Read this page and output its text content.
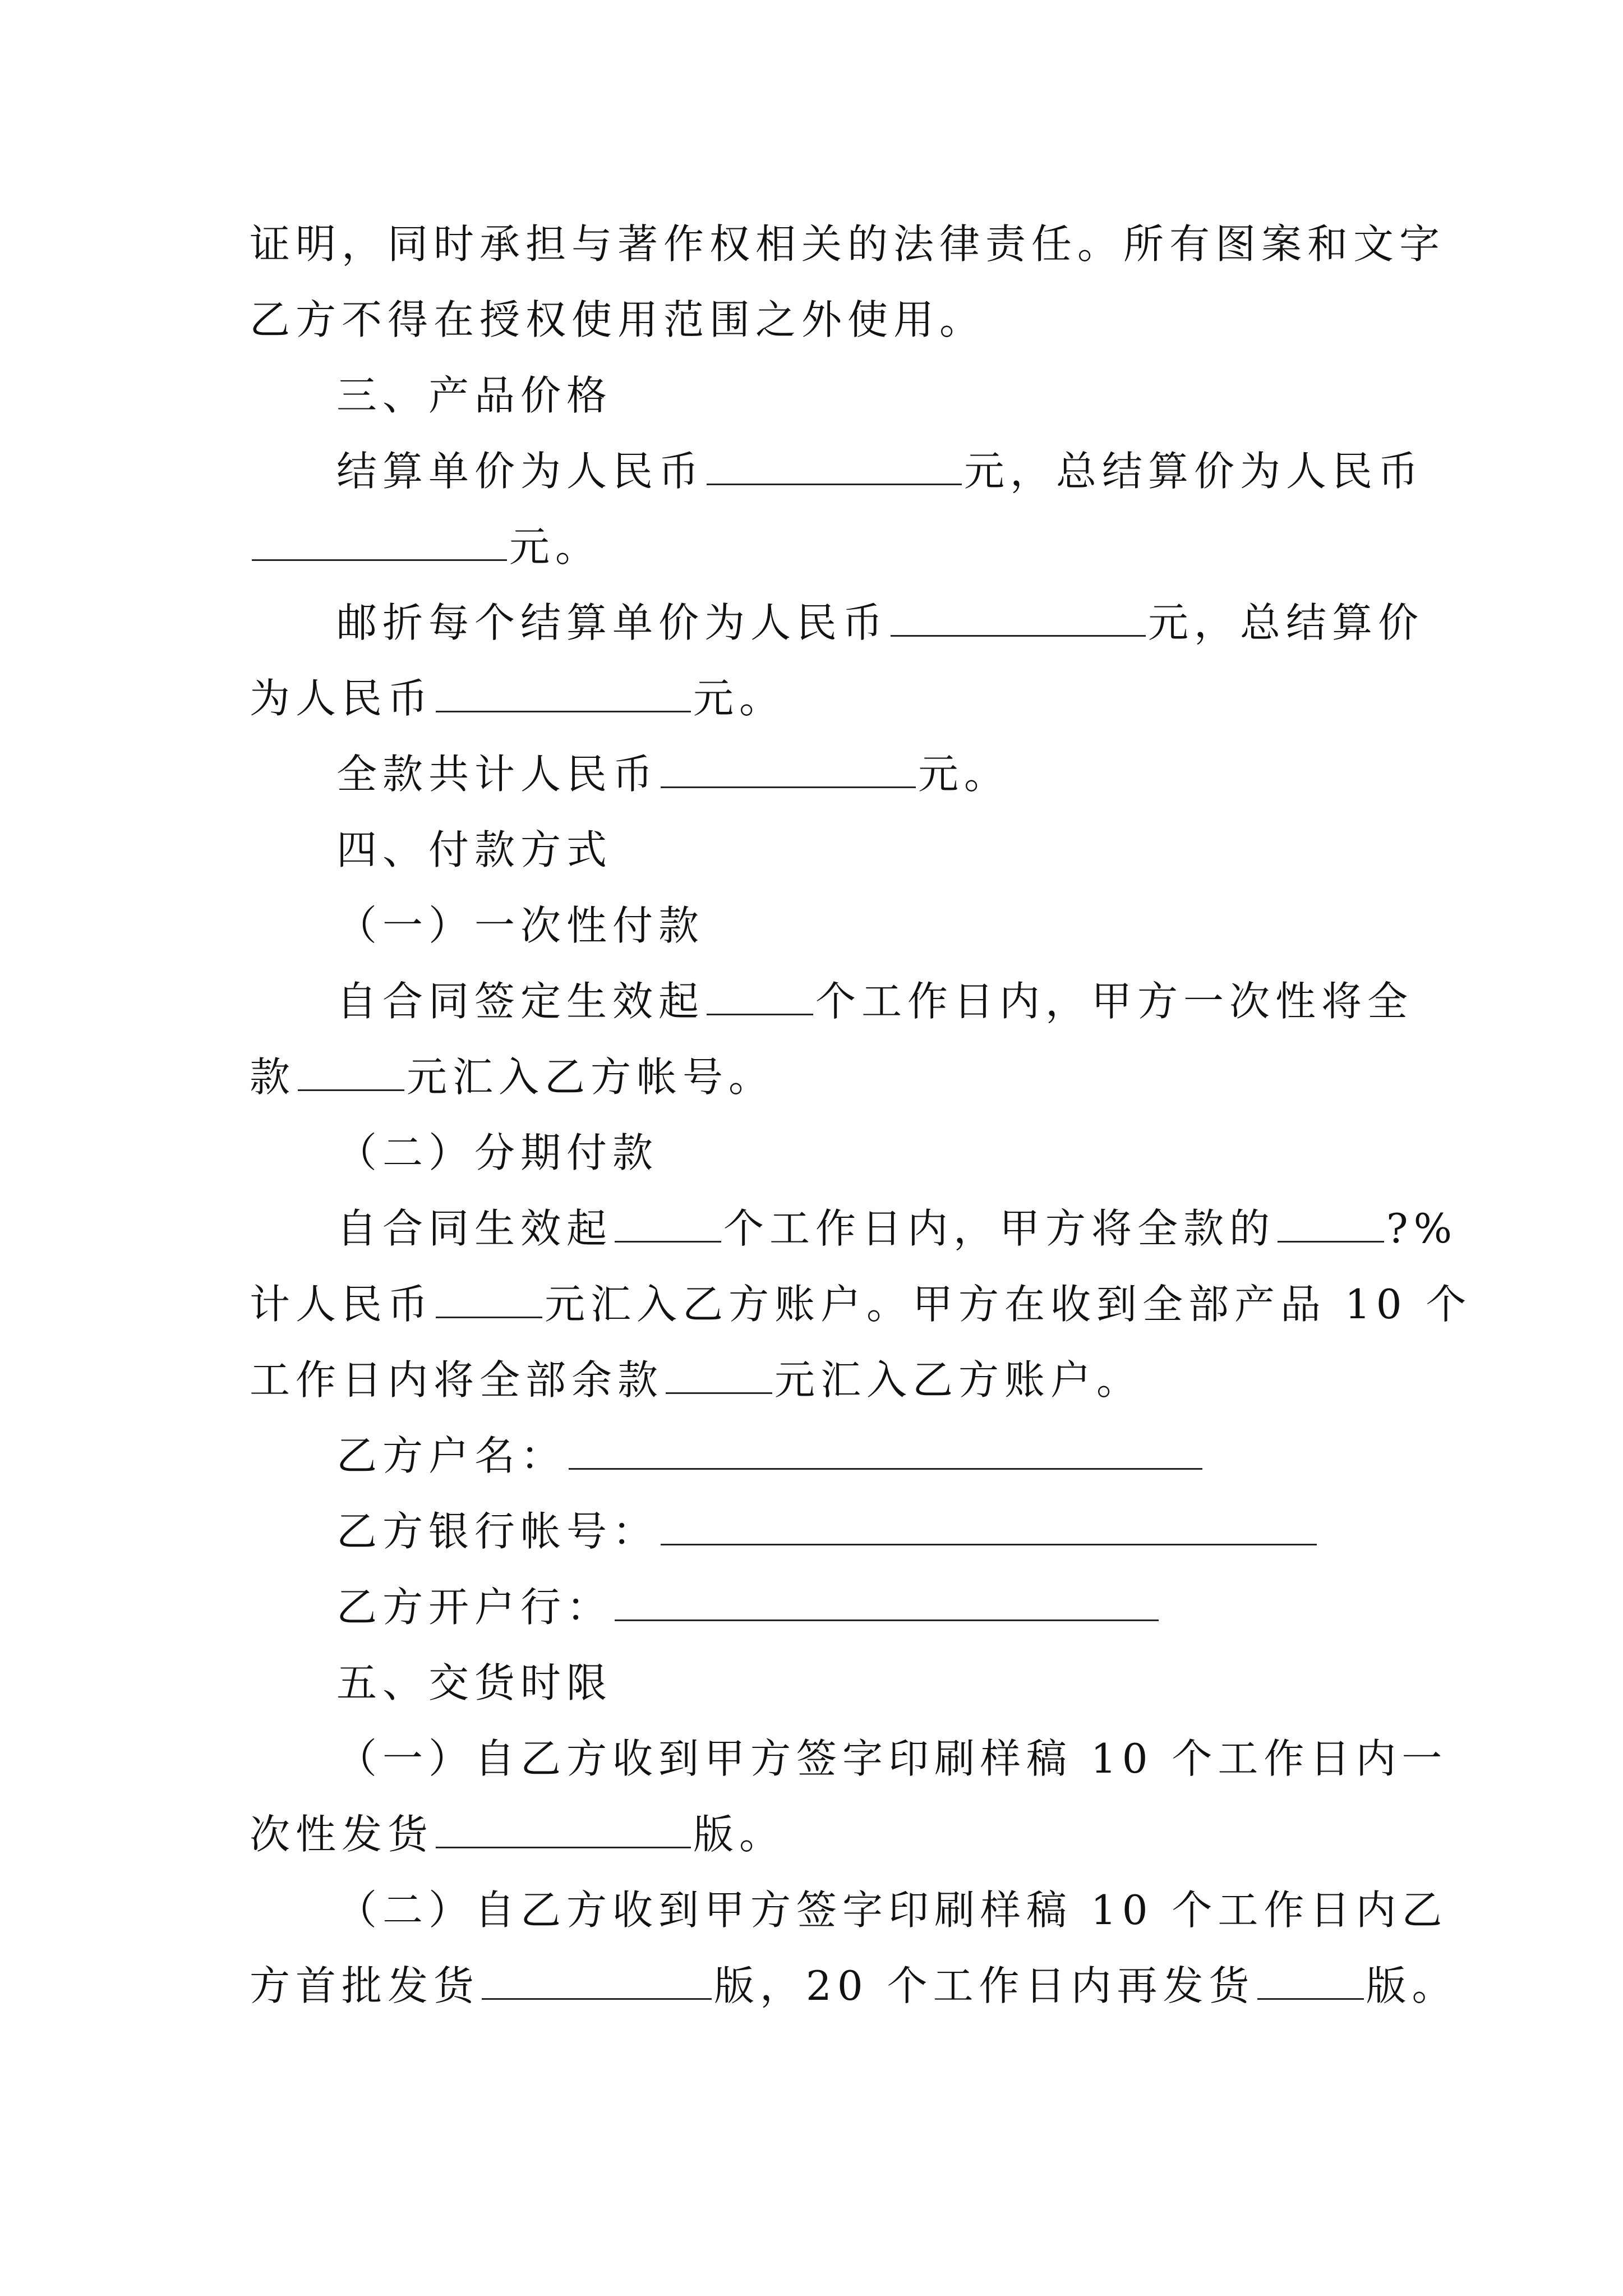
证明，同时承担与著作权相关的法律责任。所有图案和文字
乙方不得在授权使用范围之外使用。
三、产品价格
结算单价为人民币	元，总结算价为人民币
元。
邮折每个结算单价为人民币	元，总结算价
为人民币	元。
全款共计人民币	元。
四、付款方式
（一）一次性付款
自合同签定生效起	个工作日内，甲方一次性将全
款	元汇入乙方帐号。
（二）分期付款
自合同生效起	个工作日内，甲方将全款的	?%
计人民币	元汇入乙方账户。甲方在收到全部产品 10 个
工作日内将全部余款	元汇入乙方账户。
乙方户名：
乙方银行帐号：
乙方开户行：
五、交货时限
（一）自乙方收到甲方签字印刷样稿 10 个工作日内一
次性发货	版。
（二）自乙方收到甲方签字印刷样稿 10 个工作日内乙
方首批发货	版，20 个工作日内再发货	版。
